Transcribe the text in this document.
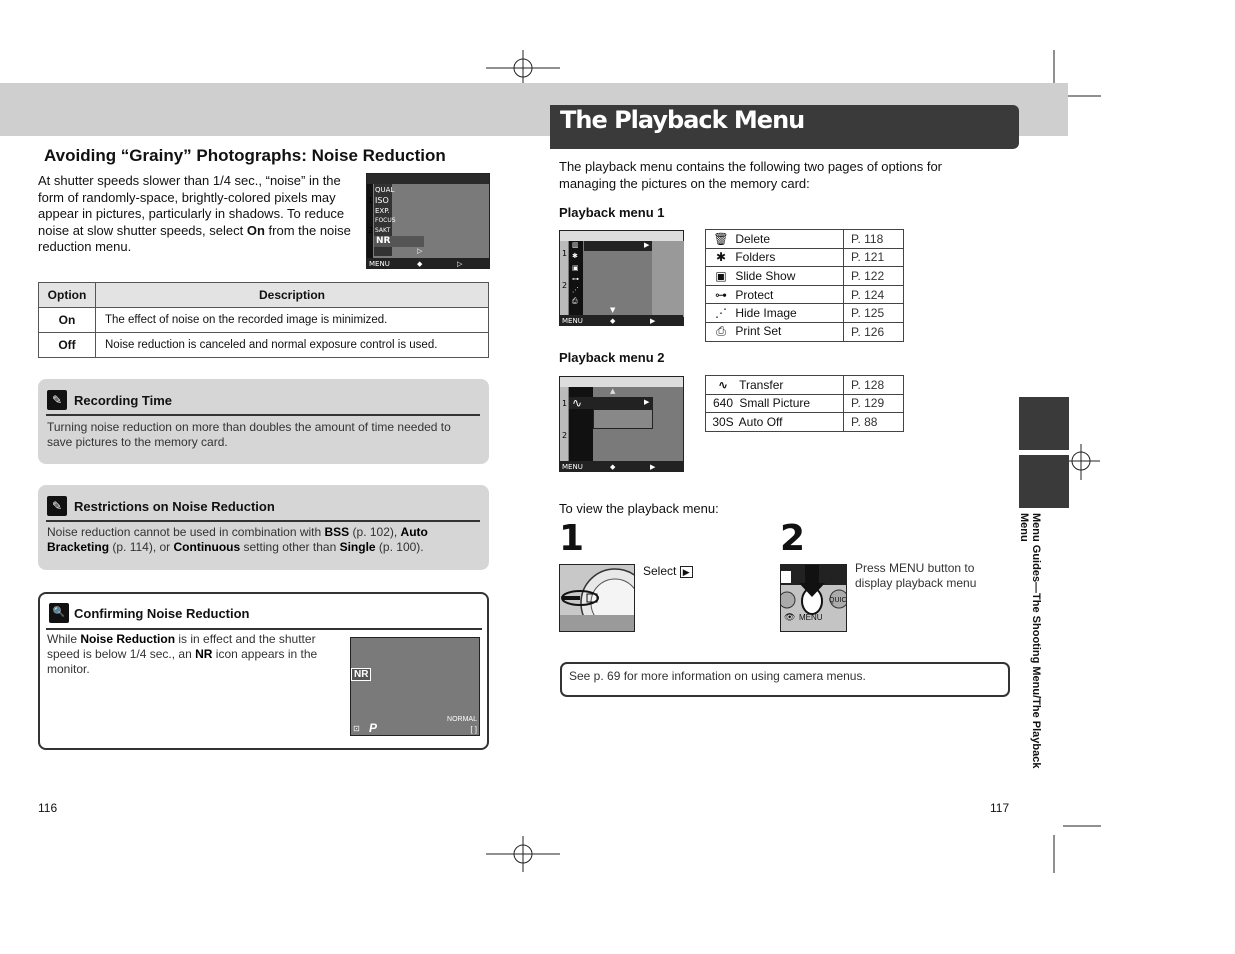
The Playback Menu
Avoiding “Grainy” Photographs: Noise Reduction
At shutter speeds slower than 1/4 sec., “noise” in the form of randomly-space, brightly-colored pixels may appear in pictures, particularly in shadows. To reduce noise at slow shutter speeds, select On from the noise reduction menu.
QUAL
ISO
EXP.
FOCUS
SAKT
NR
1
2
MENU	◆	▷
▷
Option	Description
On	The effect of noise on the recorded image is minimized.
Off	Noise reduction is canceled and normal exposure control is used.
✎ Recording Time
Turning noise reduction on more than doubles the amount of time needed to save pictures to the memory card.
✎ Restrictions on Noise Reduction
Noise reduction cannot be used in combination with BSS (p. 102), Auto Bracketing (p. 114), or Continuous setting other than Single (p. 100).
🔍 Confirming Noise Reduction
While Noise Reduction is in effect and the shutter speed is below 1/4 sec., an NR icon appears in the monitor.	NR
⊡ P
NORMAL
[ ]
116
The playback menu contains the following two pages of options for managing the pictures on the memory card:
Playback menu 1
1
2
▥
✱
▣
⊶
⋰
⎙
▶
▼
MENU	◆	▶
🗑 Delete	P. 118
✱ Folders	P. 121
▣ Slide Show	P. 122
⊶ Protect	P. 124
⋰ Hide Image	P. 125
⎙ Print Set	P. 126
Playback menu 2
1
2
∿
▲
▶
MENU	◆	▶
∿ Transfer	P. 128
640 Small Picture	P. 129
30S Auto Off	P. 88
To view the playback menu:
1
Select ▶
2
MENU
👁
QUIC
Press MENU button to display playback menu
See p. 69 for more information on using camera menus.	Menu Guides—The Shooting Menu/The Playback Menu
117
